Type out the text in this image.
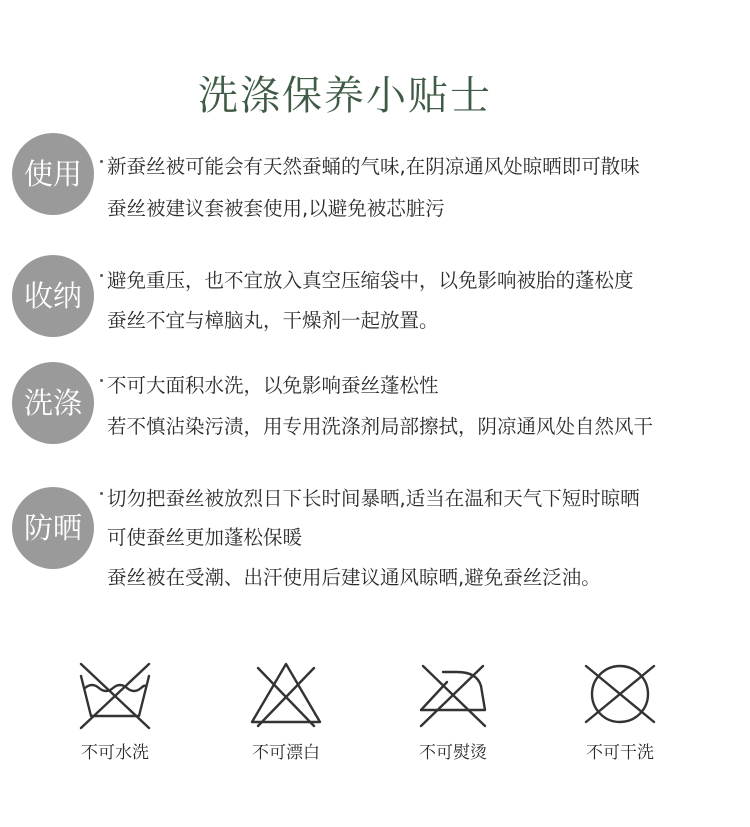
洗涤保养小贴士
使用	新蚕丝被可能会有天然蚕蛹的气味,在阴凉通风处晾晒即可散味
蚕丝被建议套被套使用,以避免被芯脏污
收纳	避免重压，也不宜放入真空压缩袋中，以免影响被胎的蓬松度
蚕丝不宜与樟脑丸，干燥剂一起放置。
洗涤
不可大面积水洗，以免影响蚕丝蓬松性
若不慎沾染污渍，用专用洗涤剂局部擦拭，阴凉通风处自然风干
防晒
切勿把蚕丝被放烈日下长时间暴晒,适当在温和天气下短时晾晒
可使蚕丝更加蓬松保暖
蚕丝被在受潮、出汗使用后建议通风晾晒,避免蚕丝泛油。
不可水洗	不可漂白	不可熨烫	不可干洗
